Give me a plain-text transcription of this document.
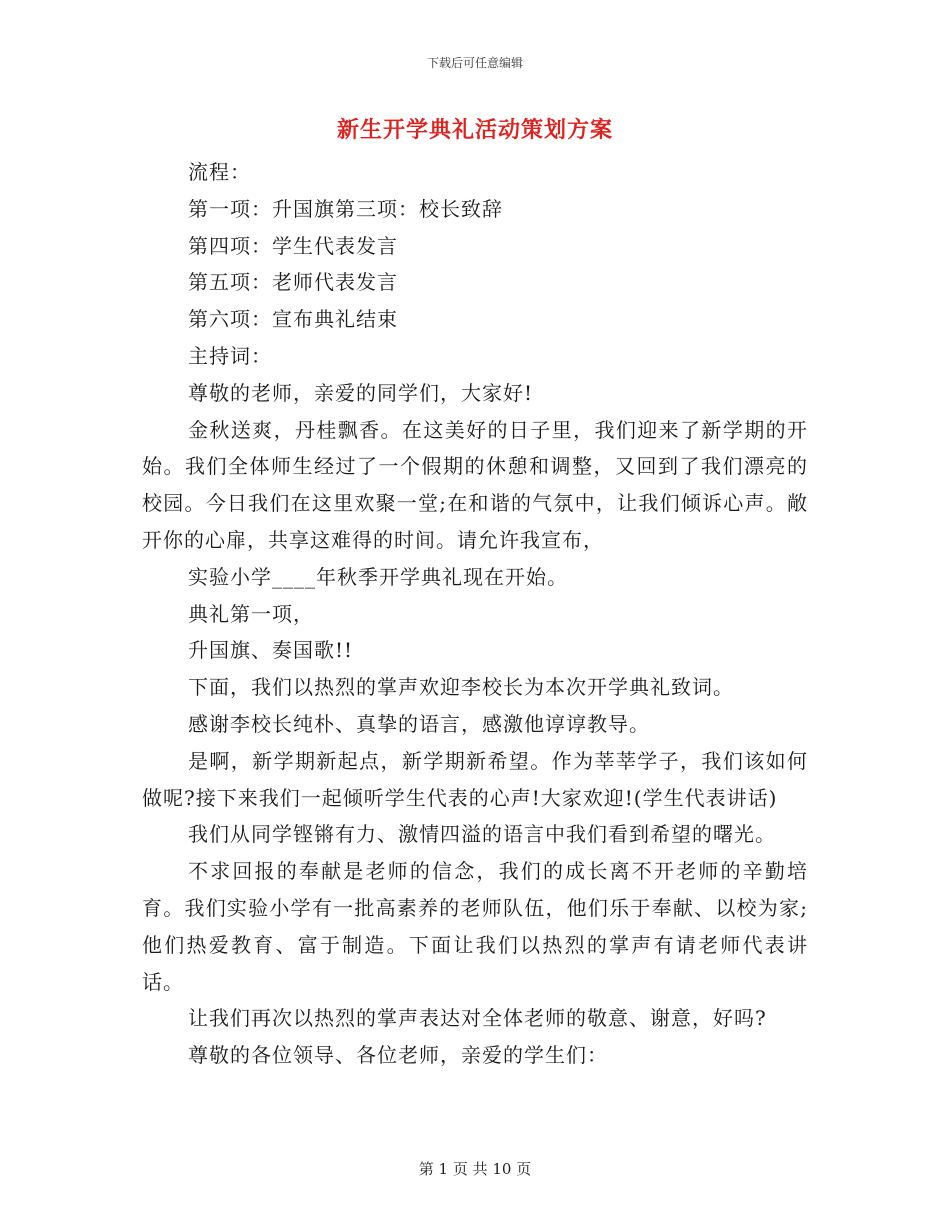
下载后可任意编辑
新生开学典礼活动策划方案

流程：

第一项：升国旗第三项：校长致辞

第四项：学生代表发言

第五项：老师代表发言

第六项：宣布典礼结束

主持词：

尊敬的老师，亲爱的同学们，大家好!

金秋送爽，丹桂飘香。在这美好的日子里，我们迎来了新学期的开始。我们全体师生经过了一个假期的休憩和调整，又回到了我们漂亮的校园。今日我们在这里欢聚一堂;在和谐的气氛中，让我们倾诉心声。敞开你的心扉，共享这难得的时间。请允许我宣布，

实验小学____年秋季开学典礼现在开始。

典礼第一项，

升国旗、奏国歌!!

下面，我们以热烈的掌声欢迎李校长为本次开学典礼致词。

感谢李校长纯朴、真挚的语言，感激他谆谆教导。

是啊，新学期新起点，新学期新希望。作为莘莘学子，我们该如何做呢?接下来我们一起倾听学生代表的心声!大家欢迎!(学生代表讲话)

我们从同学铿锵有力、激情四溢的语言中我们看到希望的曙光。

不求回报的奉献是老师的信念，我们的成长离不开老师的辛勤培育。我们实验小学有一批高素养的老师队伍，他们乐于奉献、以校为家;他们热爱教育、富于制造。下面让我们以热烈的掌声有请老师代表讲话。

让我们再次以热烈的掌声表达对全体老师的敬意、谢意，好吗?

尊敬的各位领导、各位老师，亲爱的学生们：

第 1 页 共 10 页
